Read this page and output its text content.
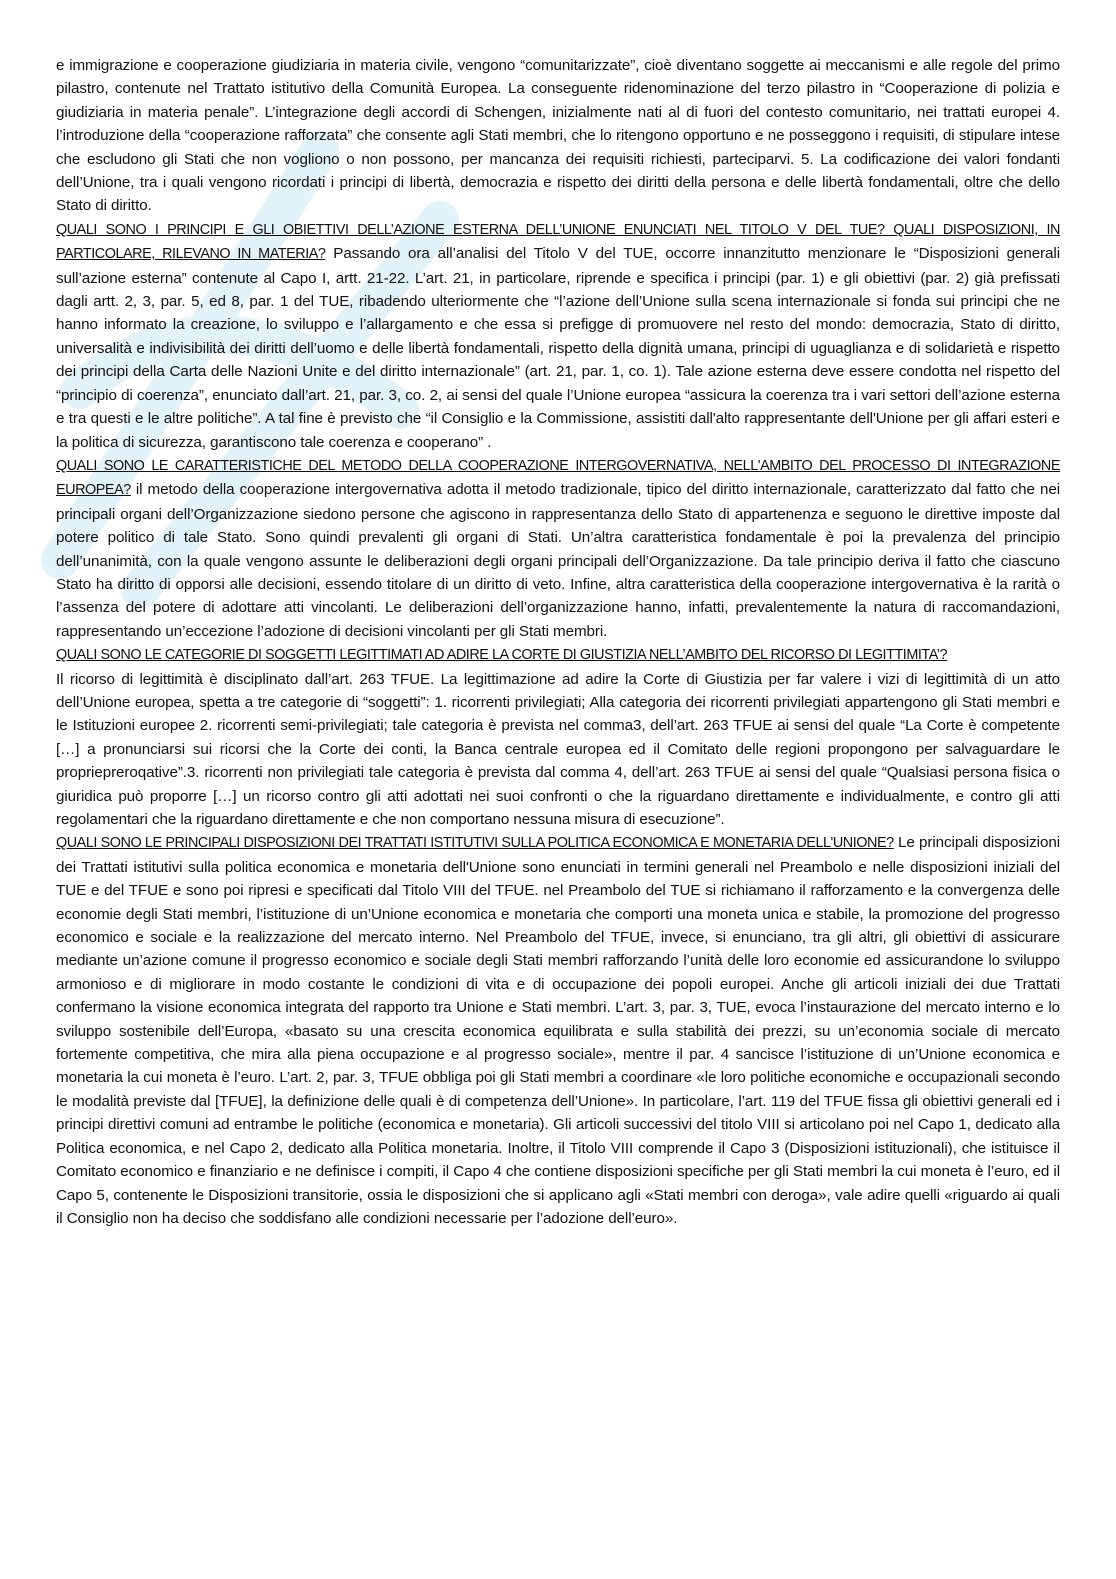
e immigrazione e cooperazione giudiziaria in materia civile, vengono “comunitarizzate”, cioè diventano soggette ai meccanismi e alle regole del primo pilastro, contenute nel Trattato istitutivo della Comunità Europea. La conseguente ridenominazione del terzo pilastro in “Cooperazione di polizia e giudiziaria in materia penale”. L’integrazione degli accordi di Schengen, inizialmente nati al di fuori del contesto comunitario, nei trattati europei 4. l’introduzione della “cooperazione rafforzata” che consente agli Stati membri, che lo ritengono opportuno e ne posseggono i requisiti, di stipulare intese che escludono gli Stati che non vogliono o non possono, per mancanza dei requisiti richiesti, parteciparvi. 5. La codificazione dei valori fondanti dell’Unione, tra i quali vengono ricordati i principi di libertà, democrazia e rispetto dei diritti della persona e delle libertà fondamentali, oltre che dello Stato di diritto.

QUALI SONO I PRINCIPI E GLI OBIETTIVI DELL’AZIONE ESTERNA DELL’UNIONE ENUNCIATI NEL TITOLO V DEL TUE? QUALI DISPOSIZIONI, IN PARTICOLARE, RILEVANO IN MATERIA? Passando ora all’analisi del Titolo V del TUE, occorre innanzitutto menzionare le “Disposizioni generali sull’azione esterna” contenute al Capo I, artt. 21-22. L’art. 21, in particolare, riprende e specifica i principi (par. 1) e gli obiettivi (par. 2) già prefissati dagli artt. 2, 3, par. 5, ed 8, par. 1 del TUE, ribadendo ulteriormente che “l’azione dell’Unione sulla scena internazionale si fonda sui principi che ne hanno informato la creazione, lo sviluppo e l’allargamento e che essa si prefigge di promuovere nel resto del mondo: democrazia, Stato di diritto, universalità e indivisibilità dei diritti dell’uomo e delle libertà fondamentali, rispetto della dignità umana, principi di uguaglianza e di solidarietà e rispetto dei principi della Carta delle Nazioni Unite e del diritto internazionale” (art. 21, par. 1, co. 1). Tale azione esterna deve essere condotta nel rispetto del “principio di coerenza”, enunciato dall’art. 21, par. 3, co. 2, ai sensi del quale l’Unione europea “assicura la coerenza tra i vari settori dell’azione esterna e tra questi e le altre politiche”. A tal fine è previsto che “il Consiglio e la Commissione, assistiti dall'alto rappresentante dell'Unione per gli affari esteri e la politica di sicurezza, garantiscono tale coerenza e cooperano” .

QUALI SONO LE CARATTERISTICHE DEL METODO DELLA COOPERAZIONE INTERGOVERNATIVA, NELL'AMBITO DEL PROCESSO DI INTEGRAZIONE EUROPEA? il metodo della cooperazione intergovernativa adotta il metodo tradizionale, tipico del diritto internazionale, caratterizzato dal fatto che nei principali organi dell’Organizzazione siedono persone che agiscono in rappresentanza dello Stato di appartenenza e seguono le direttive imposte dal potere politico di tale Stato. Sono quindi prevalenti gli organi di Stati. Un’altra caratteristica fondamentale è poi la prevalenza del principio dell’unanimità, con la quale vengono assunte le deliberazioni degli organi principali dell’Organizzazione. Da tale principio deriva il fatto che ciascuno Stato ha diritto di opporsi alle decisioni, essendo titolare di un diritto di veto. Infine, altra caratteristica della cooperazione intergovernativa è la rarità o l’assenza del potere di adottare atti vincolanti. Le deliberazioni dell’organizzazione hanno, infatti, prevalentemente la natura di raccomandazioni, rappresentando un’eccezione l’adozione di decisioni vincolanti per gli Stati membri.

QUALI SONO LE CATEGORIE DI SOGGETTI LEGITTIMATI AD ADIRE LA CORTE DI GIUSTIZIA NELL’AMBITO DEL RICORSO DI LEGITTIMITA’?

Il ricorso di legittimità è disciplinato dall’art. 263 TFUE. La legittimazione ad adire la Corte di Giustizia per far valere i vizi di legittimità di un atto dell’Unione europea, spetta a tre categorie di “soggetti”: 1. ricorrenti privilegiati; Alla categoria dei ricorrenti privilegiati appartengono gli Stati membri e le Istituzioni europee 2. ricorrenti semi-privilegiati; tale categoria è prevista nel comma3, dell’art. 263 TFUE ai sensi del quale “La Corte è competente […] a pronunciarsi sui ricorsi che la Corte dei conti, la Banca centrale europea ed il Comitato delle regioni propongono per salvaguardare le propriepreroqative”.3. ricorrenti non privilegiati tale categoria è prevista dal comma 4, dell’art. 263 TFUE ai sensi del quale “Qualsiasi persona fisica o giuridica può proporre […] un ricorso contro gli atti adottati nei suoi confronti o che la riguardano direttamente e individualmente, e contro gli atti regolamentari che la riguardano direttamente e che non comportano nessuna misura di esecuzione”.

QUALI SONO LE PRINCIPALI DISPOSIZIONI DEI TRATTATI ISTITUTIVI SULLA POLITICA ECONOMICA E MONETARIA DELL'UNIONE? Le principali disposizioni dei Trattati istitutivi sulla politica economica e monetaria dell'Unione sono enunciati in termini generali nel Preambolo e nelle disposizioni iniziali del TUE e del TFUE e sono poi ripresi e specificati dal Titolo VIII del TFUE. nel Preambolo del TUE si richiamano il rafforzamento e la convergenza delle economie degli Stati membri, l’istituzione di un’Unione economica e monetaria che comporti una moneta unica e stabile, la promozione del progresso economico e sociale e la realizzazione del mercato interno. Nel Preambolo del TFUE, invece, si enunciano, tra gli altri, gli obiettivi di assicurare mediante un’azione comune il progresso economico e sociale degli Stati membri rafforzando l’unità delle loro economie ed assicurandone lo sviluppo armonioso e di migliorare in modo costante le condizioni di vita e di occupazione dei popoli europei. Anche gli articoli iniziali dei due Trattati confermano la visione economica integrata del rapporto tra Unione e Stati membri. L’art. 3, par. 3, TUE, evoca l’instaurazione del mercato interno e lo sviluppo sostenibile dell’Europa, «basato su una crescita economica equilibrata e sulla stabilità dei prezzi, su un’economia sociale di mercato fortemente competitiva, che mira alla piena occupazione e al progresso sociale», mentre il par. 4 sancisce l’istituzione di un’Unione economica e monetaria la cui moneta è l’euro. L’art. 2, par. 3, TFUE obbliga poi gli Stati membri a coordinare «le loro politiche economiche e occupazionali secondo le modalità previste dal [TFUE], la definizione delle quali è di competenza dell’Unione». In particolare, l’art. 119 del TFUE fissa gli obiettivi generali ed i principi direttivi comuni ad entrambe le politiche (economica e monetaria). Gli articoli successivi del titolo VIII si articolano poi nel Capo 1, dedicato alla Politica economica, e nel Capo 2, dedicato alla Politica monetaria. Inoltre, il Titolo VIII comprende il Capo 3 (Disposizioni istituzionali), che istituisce il Comitato economico e finanziario e ne definisce i compiti, il Capo 4 che contiene disposizioni specifiche per gli Stati membri la cui moneta è l’euro, ed il Capo 5, contenente le Disposizioni transitorie, ossia le disposizioni che si applicano agli «Stati membri con deroga», vale adire quelli «riguardo ai quali il Consiglio non ha deciso che soddisfano alle condizioni necessarie per l’adozione dell’euro».
